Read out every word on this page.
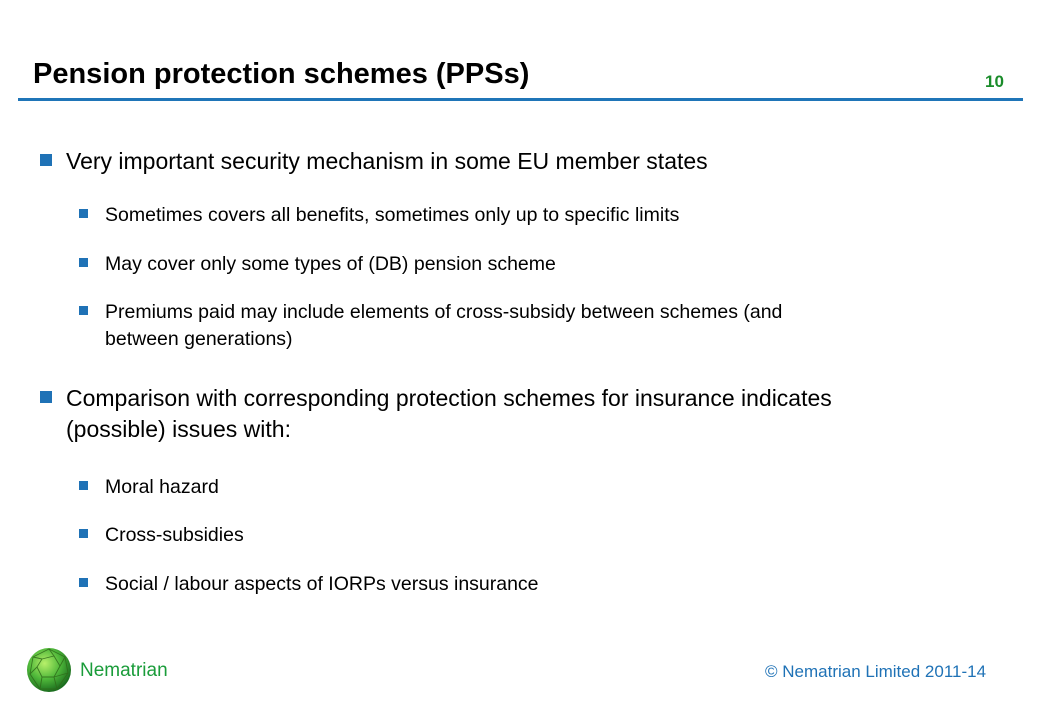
Pension protection schemes (PPSs)	10
Very important security mechanism in some EU member states
Sometimes covers all benefits, sometimes only up to specific limits
May cover only some types of (DB) pension scheme
Premiums paid may include elements of cross-subsidy between schemes (and
between generations)
Comparison with corresponding protection schemes for insurance indicates
(possible) issues with:
Moral hazard
Cross-subsidies
Social / labour aspects of IORPs versus insurance
Nematrian	© Nematrian Limited 2011-14
